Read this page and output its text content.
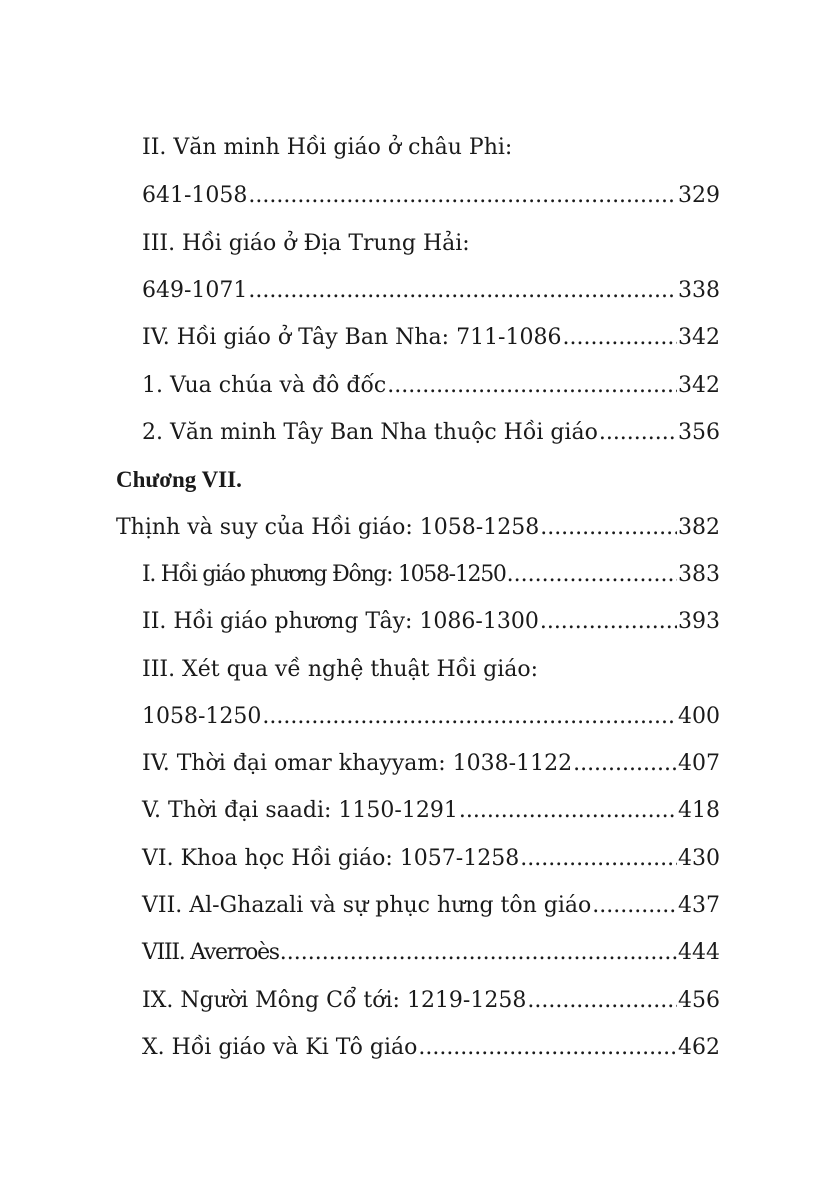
II. Văn minh Hồi giáo ở châu Phi:
641-1058 .....	329
III. Hồi giáo ở Địa Trung Hải:
649-1071 .....	338
IV. Hồi giáo ở Tây Ban Nha: 711-1086 .....	342
1. Vua chúa và đô đốc .....	342
2. Văn minh Tây Ban Nha thuộc Hồi giáo .....	356
Chương VII.
Thịnh và suy của Hồi giáo: 1058-1258 .....	382
I. Hồi giáo phương Đông: 1058-1250 .....	383
II. Hồi giáo phương Tây: 1086-1300 .....	393
III. Xét qua về nghệ thuật Hồi giáo:
1058-1250 .....	400
IV. Thời đại omar khayyam: 1038-1122 .....	407
V. Thời đại saadi: 1150-1291 .....	418
VI. Khoa học Hồi giáo: 1057-1258 .....	430
VII. Al-Ghazali và sự phục hưng tôn giáo .....	437
VIII. Averroès .....	444
IX. Người Mông Cổ tới: 1219-1258 .....	456
X. Hồi giáo và Ki Tô giáo .....	462
